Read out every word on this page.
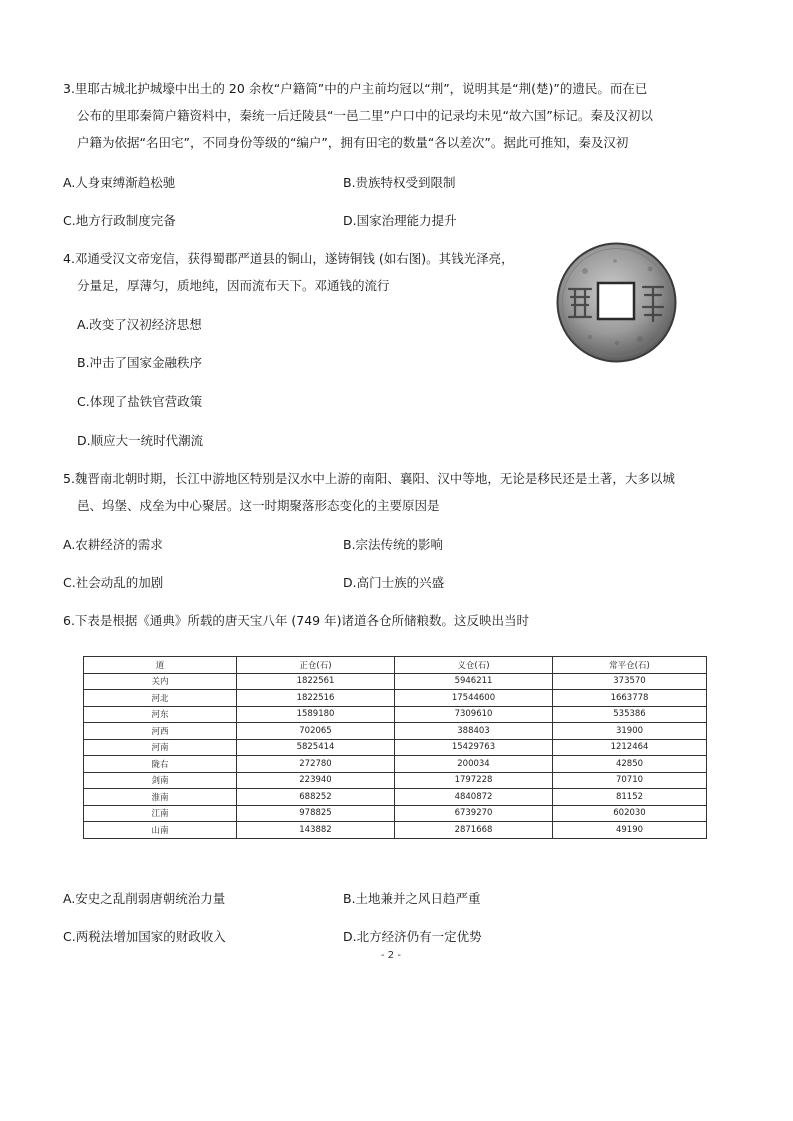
3.里耶古城北护城壕中出土的 20 余枚“户籍简”中的户主前均冠以“荆”，说明其是“荆(楚)”的遗民。而在已
公布的里耶秦简户籍资料中，秦统一后迁陵县“一邑二里”户口中的记录均未见“故六国”标记。秦及汉初以
户籍为依据“名田宅”，不同身份等级的“编户”，拥有田宅的数量“各以差次”。据此可推知，秦及汉初
A.人身束缚渐趋松驰	B.贵族特权受到限制
C.地方行政制度完备	D.国家治理能力提升
4.邓通受汉文帝宠信，获得蜀郡严道县的铜山，遂铸铜钱 (如右图)。其钱光泽亮，
分量足，厚薄匀，质地纯，因而流布天下。邓通钱的流行
A.改变了汉初经济思想
B.冲击了国家金融秩序
C.体现了盐铁官营政策
D.顺应大一统时代潮流
5.魏晋南北朝时期，长江中游地区特别是汉水中上游的南阳、襄阳、汉中等地，无论是移民还是土著，大多以城
邑、坞堡、戍垒为中心聚居。这一时期聚落形态变化的主要原因是
A.农耕经济的需求	B.宗法传统的影响
C.社会动乱的加剧	D.高门士族的兴盛
6.下表是根据《通典》所载的唐天宝八年 (749 年)诸道各仓所储粮数。这反映出当时
道	正仓(石)	义仓(石)	常平仓(石)
关内	1822561	5946211	373570
河北	1822516	17544600	1663778
河东	1589180	7309610	535386
河西	702065	388403	31900
河南	5825414	15429763	1212464
陇右	272780	200034	42850
剑南	223940	1797228	70710
淮南	688252	4840872	81152
江南	978825	6739270	602030
山南	143882	2871668	49190
A.安史之乱削弱唐朝统治力量	B.土地兼并之风日趋严重
C.两税法增加国家的财政收入	D.北方经济仍有一定优势
- 2 -
